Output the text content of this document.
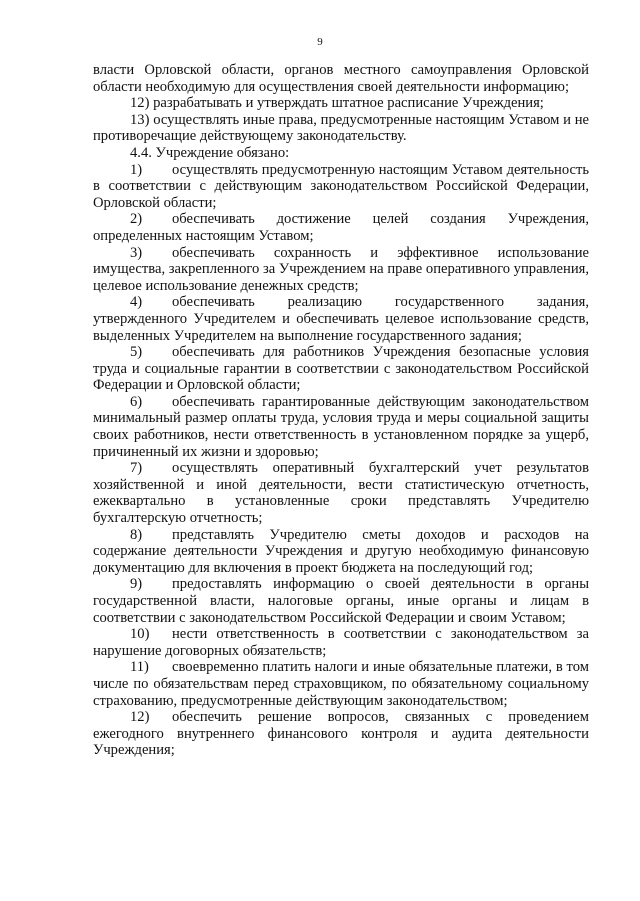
9

власти Орловской области, органов местного самоуправления Орловской области необходимую для осуществления своей деятельности информацию;

12) разрабатывать и утверждать штатное расписание Учреждения;

13) осуществлять иные права, предусмотренные настоящим Уставом и не противоречащие действующему законодательству.

4.4. Учреждение обязано:

1) осуществлять предусмотренную настоящим Уставом деятельность в соответствии с действующим законодательством Российской Федерации, Орловской области;

2) обеспечивать достижение целей создания Учреждения, определенных настоящим Уставом;

3) обеспечивать сохранность и эффективное использование имущества, закрепленного за Учреждением на праве оперативного управления, целевое использование денежных средств;

4) обеспечивать реализацию государственного задания, утвержденного Учредителем и обеспечивать целевое использование средств, выделенных Учредителем на выполнение государственного задания;

5) обеспечивать для работников Учреждения безопасные условия труда и социальные гарантии в соответствии с законодательством Российской Федерации и Орловской области;

6) обеспечивать гарантированные действующим законодательством минимальный размер оплаты труда, условия труда и меры социальной защиты своих работников, нести ответственность в установленном порядке за ущерб, причиненный их жизни и здоровью;

7) осуществлять оперативный бухгалтерский учет результатов хозяйственной и иной деятельности, вести статистическую отчетность, ежеквартально в установленные сроки представлять Учредителю бухгалтерскую отчетность;

8) представлять Учредителю сметы доходов и расходов на содержание деятельности Учреждения и другую необходимую финансовую документацию для включения в проект бюджета на последующий год;

9) предоставлять информацию о своей деятельности в органы государственной власти, налоговые органы, иные органы и лицам в соответствии с законодательством Российской Федерации и своим Уставом;

10) нести ответственность в соответствии с законодательством за нарушение договорных обязательств;

11) своевременно платить налоги и иные обязательные платежи, в том числе по обязательствам перед страховщиком, по обязательному социальному страхованию, предусмотренные действующим законодательством;

12) обеспечить решение вопросов, связанных с проведением ежегодного внутреннего финансового контроля и аудита деятельности Учреждения;
